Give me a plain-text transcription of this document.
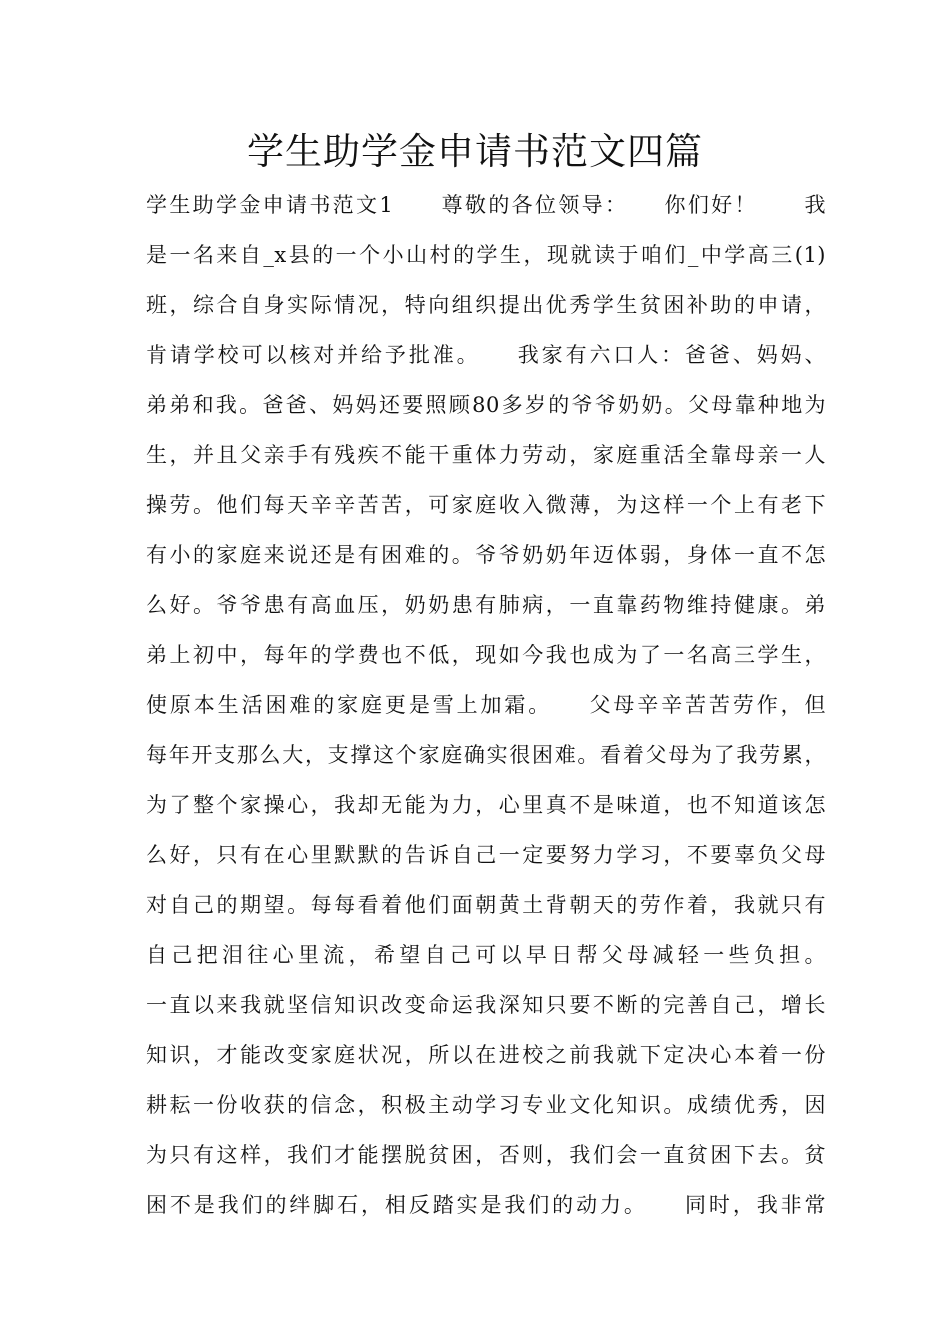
学生助学金申请书范文四篇
学生助学金申请书范文1　　尊敬的各位领导：　　你们好！　　我
是一名来自_x县的一个小山村的学生，现就读于咱们_中学高三(1)
班，综合自身实际情况，特向组织提出优秀学生贫困补助的申请，
肯请学校可以核对并给予批准。　　我家有六口人：爸爸、妈妈、
弟弟和我。爸爸、妈妈还要照顾80多岁的爷爷奶奶。父母靠种地为
生，并且父亲手有残疾不能干重体力劳动，家庭重活全靠母亲一人
操劳。他们每天辛辛苦苦，可家庭收入微薄，为这样一个上有老下
有小的家庭来说还是有困难的。爷爷奶奶年迈体弱，身体一直不怎
么好。爷爷患有高血压，奶奶患有肺病，一直靠药物维持健康。弟
弟上初中，每年的学费也不低，现如今我也成为了一名高三学生，
使原本生活困难的家庭更是雪上加霜。　　父母辛辛苦苦劳作，但
每年开支那么大，支撑这个家庭确实很困难。看着父母为了我劳累，
为了整个家操心，我却无能为力，心里真不是味道，也不知道该怎
么好，只有在心里默默的告诉自己一定要努力学习，不要辜负父母
对自己的期望。每每看着他们面朝黄土背朝天的劳作着，我就只有
自己把泪往心里流，希望自己可以早日帮父母减轻一些负担。
一直以来我就坚信知识改变命运我深知只要不断的完善自己，增长
知识，才能改变家庭状况，所以在进校之前我就下定决心本着一份
耕耘一份收获的信念，积极主动学习专业文化知识。成绩优秀，因
为只有这样，我们才能摆脱贫困，否则，我们会一直贫困下去。贫
困不是我们的绊脚石，相反踏实是我们的动力。　　同时，我非常
